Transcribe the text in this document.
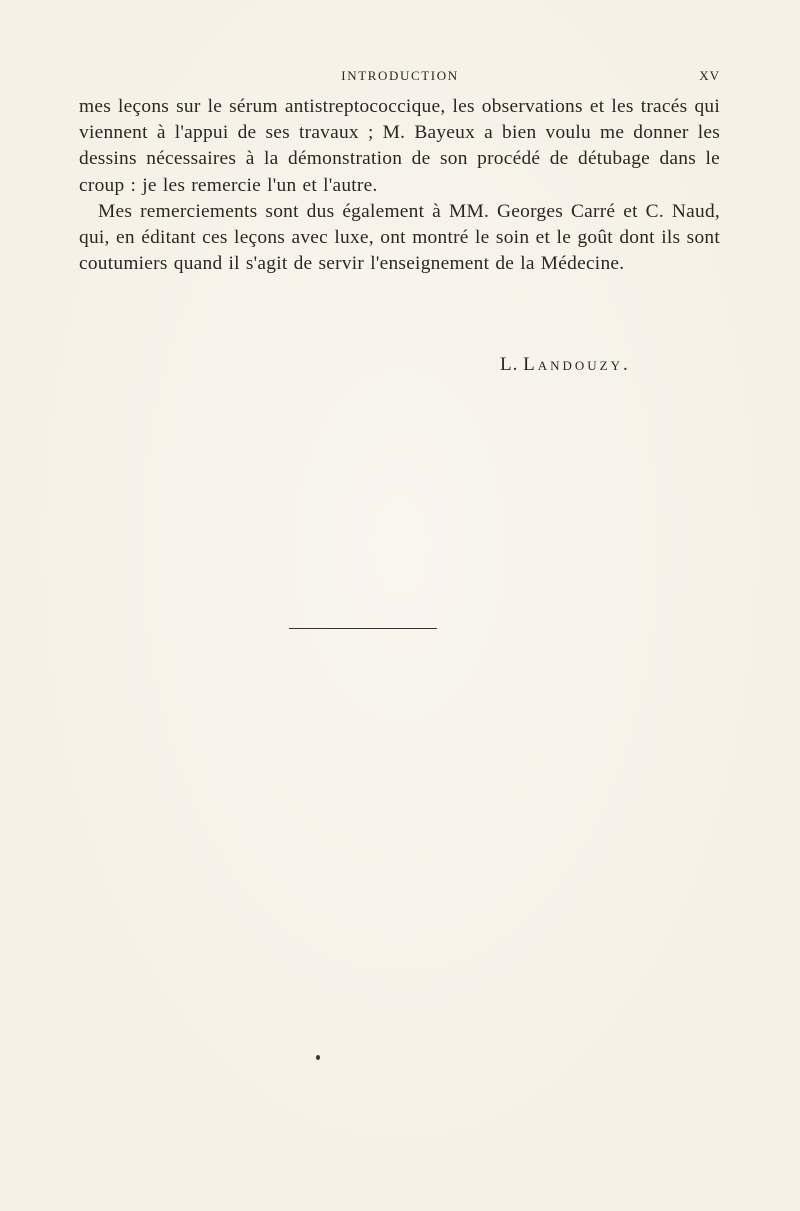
INTRODUCTION	XV

mes leçons sur le sérum antistreptococcique, les observations et les tracés qui viennent à l'appui de ses travaux ; M. Bayeux a bien voulu me donner les dessins nécessaires à la démonstration de son procédé de détubage dans le croup : je les remercie l'un et l'autre.

Mes remerciements sont dus également à MM. Georges Carré et C. Naud, qui, en éditant ces leçons avec luxe, ont montré le soin et le goût dont ils sont coutumiers quand il s'agit de servir l'enseignement de la Médecine.

L. Landouzy.
